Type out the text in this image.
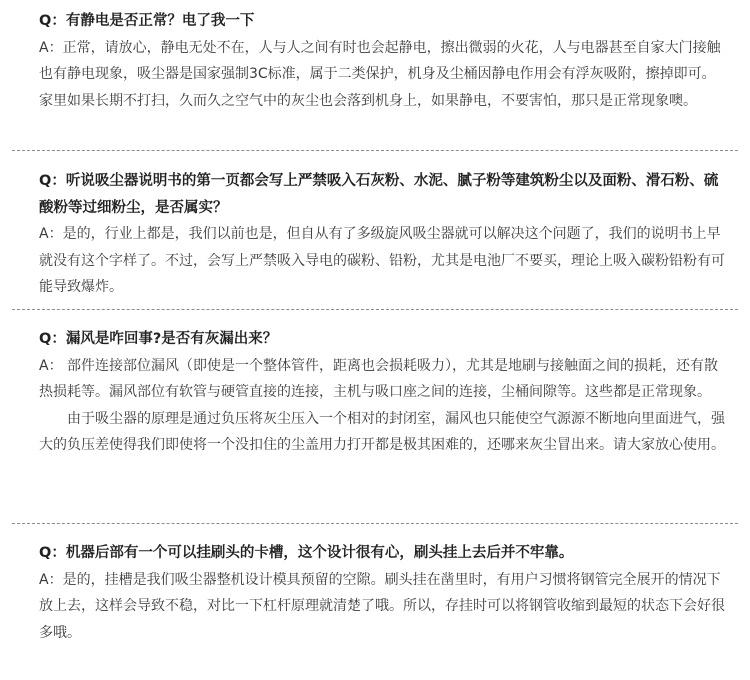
Q：有静电是否正常？电了我一下

A：正常，请放心，静电无处不在，人与人之间有时也会起静电，擦出微弱的火花，人与电器甚至自家大门接触也有静电现象，吸尘器是国家强制3C标准，属于二类保护，机身及尘桶因静电作用会有浮灰吸附，擦掉即可。家里如果长期不打扫，久而久之空气中的灰尘也会落到机身上，如果静电，不要害怕，那只是正常现象噢。

Q：听说吸尘器说明书的第一页都会写上严禁吸入石灰粉、水泥、腻子粉等建筑粉尘以及面粉、滑石粉、硫酸粉等过细粉尘，是否属实？

A：是的，行业上都是，我们以前也是，但自从有了多级旋风吸尘器就可以解决这个问题了，我们的说明书上早就没有这个字样了。不过，会写上严禁吸入导电的碳粉、铅粉，尤其是电池厂不要买，理论上吸入碳粉铅粉有可能导致爆炸。

Q：漏风是咋回事?是否有灰漏出来？

A： 部件连接部位漏风（即使是一个整体管件，距离也会损耗吸力），尤其是地刷与接触面之间的损耗，还有散热损耗等。漏风部位有软管与硬管直接的连接，主机与吸口座之间的连接，尘桶间隙等。这些都是正常现象。

由于吸尘器的原理是通过负压将灰尘压入一个相对的封闭室，漏风也只能使空气源源不断地向里面进气，强大的负压差使得我们即使将一个没扣住的尘盖用力打开都是极其困难的，还哪来灰尘冒出来。请大家放心使用。

Q：机器后部有一个可以挂刷头的卡槽，这个设计很有心，刷头挂上去后并不牢靠。

A：是的，挂槽是我们吸尘器整机设计模具预留的空隙。刷头挂在凿里时，有用户习惯将钢管完全展开的情况下放上去，这样会导致不稳，对比一下杠杆原理就清楚了哦。所以，存挂时可以将钢管收缩到最短的状态下会好很多哦。
